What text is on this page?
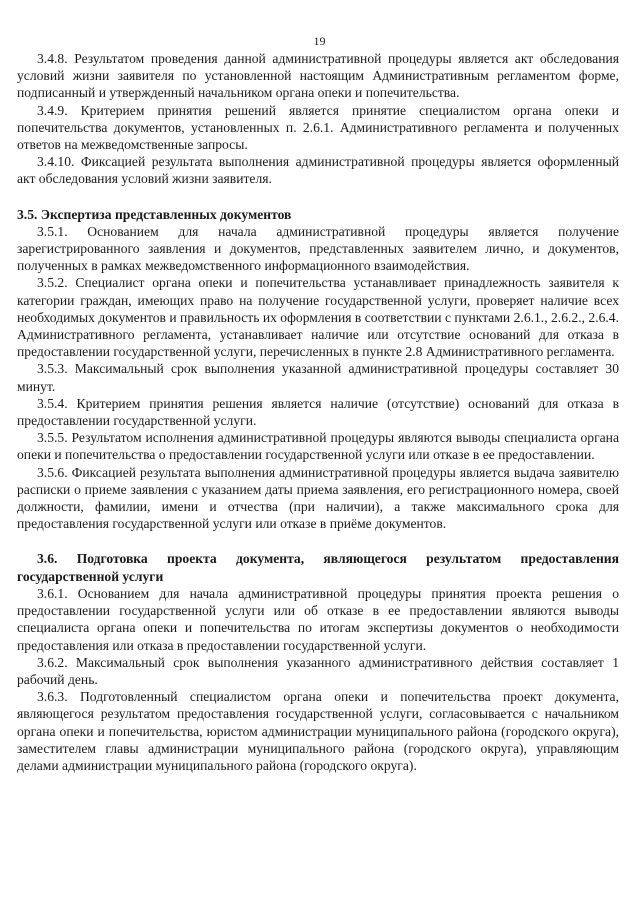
19

3.4.8. Результатом проведения данной административной процедуры является акт обследования условий жизни заявителя по установленной настоящим Административным регламентом форме, подписанный и утвержденный начальником органа опеки и попечительства.

3.4.9. Критерием принятия решений является принятие специалистом органа опеки и попечительства документов, установленных п. 2.6.1. Административного регламента и полученных ответов на межведомственные запросы.

3.4.10. Фиксацией результата выполнения административной процедуры является оформленный акт обследования условий жизни заявителя.

3.5. Экспертиза представленных документов

3.5.1. Основанием для начала административной процедуры является получение зарегистрированного заявления и документов, представленных заявителем лично, и документов, полученных в рамках межведомственного информационного взаимодействия.

3.5.2. Специалист органа опеки и попечительства устанавливает принадлежность заявителя к категории граждан, имеющих право на получение государственной услуги, проверяет наличие всех необходимых документов и правильность их оформления в соответствии с пунктами 2.6.1., 2.6.2., 2.6.4. Административного регламента, устанавливает наличие или отсутствие оснований для отказа в предоставлении государственной услуги, перечисленных в пункте 2.8 Административного регламента.

3.5.3. Максимальный срок выполнения указанной административной процедуры составляет 30 минут.

3.5.4. Критерием принятия решения является наличие (отсутствие) оснований для отказа в предоставлении государственной услуги.

3.5.5. Результатом исполнения административной процедуры являются выводы специалиста органа опеки и попечительства о предоставлении государственной услуги или отказе в ее предоставлении.

3.5.6. Фиксацией результата выполнения административной процедуры является выдача заявителю расписки о приеме заявления с указанием даты приема заявления, его регистрационного номера, своей должности, фамилии, имени и отчества (при наличии), а также максимального срока для предоставления государственной услуги или отказе в приёме документов.

3.6. Подготовка проекта документа, являющегося результатом предоставления государственной услуги

3.6.1. Основанием для начала административной процедуры принятия проекта решения о предоставлении государственной услуги или об отказе в ее предоставлении являются выводы специалиста органа опеки и попечительства по итогам экспертизы документов о необходимости предоставления или отказа в предоставлении государственной услуги.

3.6.2. Максимальный срок выполнения указанного административного действия составляет 1 рабочий день.

3.6.3. Подготовленный специалистом органа опеки и попечительства проект документа, являющегося результатом предоставления государственной услуги, согласовывается с начальником органа опеки и попечительства, юристом администрации муниципального района (городского округа), заместителем главы администрации муниципального района (городского округа), управляющим делами администрации муниципального района (городского округа).
